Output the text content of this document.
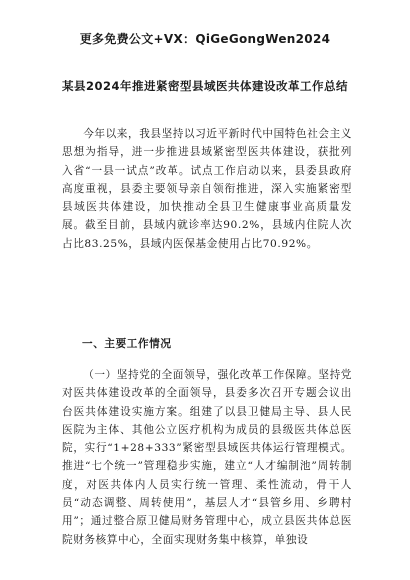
更多免费公文+VX：QiGeGongWen2024
某县2024年推进紧密型县域医共体建设改革工作总结
今年以来，我县坚持以习近平新时代中国特色社会主义思想为指导，进一步推进县域紧密型医共体建设，获批列入省“一县一试点”改革。试点工作启动以来，县委县政府高度重视，县委主要领导亲自领衔推进，深入实施紧密型县域医共体建设，加快推动全县卫生健康事业高质量发展。截至目前，县域内就诊率达90.2%，县域内住院人次占比83.25%，县域内医保基金使用占比70.92%。
一、主要工作情况
（一）坚持党的全面领导，强化改革工作保障。坚持党对医共体建设改革的全面领导，县委多次召开专题会议出台医共体建设实施方案。组建了以县卫健局主导、县人民医院为主体、其他公立医疗机构为成员的县级医共体总医院，实行“1+28+333”紧密型县域医共体运行管理模式。推进“七个统一”管理稳步实施，建立“人才编制池”周转制度，对医共体内人员实行统一管理、柔性流动，骨干人员“动态调整、周转使用”，基层人才“县管乡用、乡聘村用”；通过整合原卫健局财务管理中心，成立县医共体总医院财务核算中心，全面实现财务集中核算，单独设
